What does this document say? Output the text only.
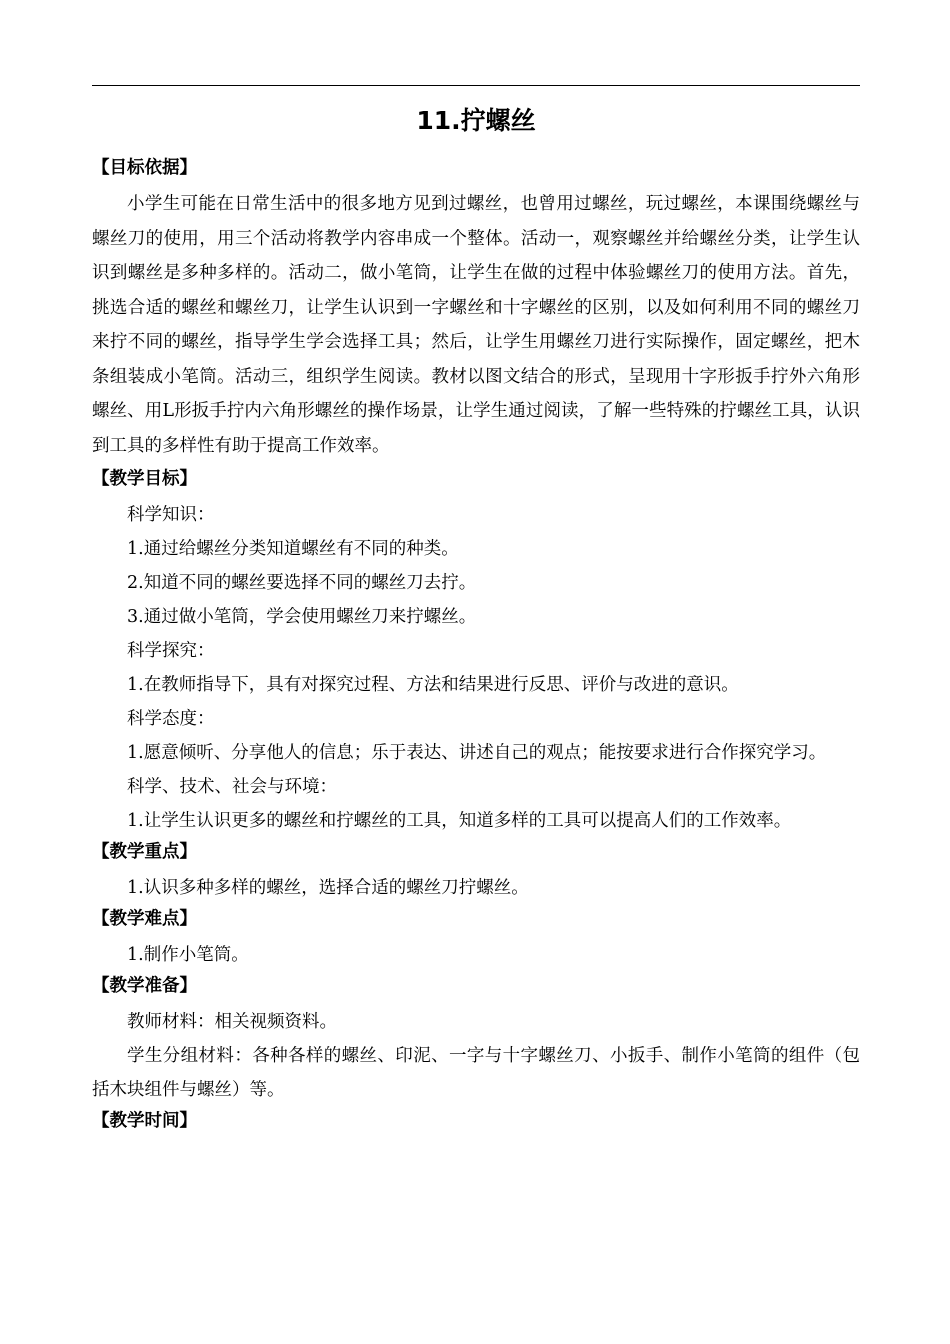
11.拧螺丝
【目标依据】

小学生可能在日常生活中的很多地方见到过螺丝，也曾用过螺丝，玩过螺丝，本课围绕螺丝与螺丝刀的使用，用三个活动将教学内容串成一个整体。活动一，观察螺丝并给螺丝分类，让学生认识到螺丝是多种多样的。活动二，做小笔筒，让学生在做的过程中体验螺丝刀的使用方法。首先，挑选合适的螺丝和螺丝刀，让学生认识到一字螺丝和十字螺丝的区别，以及如何利用不同的螺丝刀来拧不同的螺丝，指导学生学会选择工具；然后，让学生用螺丝刀进行实际操作，固定螺丝，把木条组装成小笔筒。活动三，组织学生阅读。教材以图文结合的形式，呈现用十字形扳手拧外六角形螺丝、用L形扳手拧内六角形螺丝的操作场景，让学生通过阅读，了解一些特殊的拧螺丝工具，认识到工具的多样性有助于提高工作效率。

【教学目标】
科学知识：
1.通过给螺丝分类知道螺丝有不同的种类。
2.知道不同的螺丝要选择不同的螺丝刀去拧。
3.通过做小笔筒，学会使用螺丝刀来拧螺丝。
科学探究：
1.在教师指导下，具有对探究过程、方法和结果进行反思、评价与改进的意识。
科学态度：

1.愿意倾听、分享他人的信息；乐于表达、讲述自己的观点；能按要求进行合作探究学习。

科学、技术、社会与环境：
1.让学生认识更多的螺丝和拧螺丝的工具，知道多样的工具可以提高人们的工作效率。
【教学重点】
1.认识多种多样的螺丝，选择合适的螺丝刀拧螺丝。
【教学难点】
1.制作小笔筒。
【教学准备】
教师材料：相关视频资料。

学生分组材料：各种各样的螺丝、印泥、一字与十字螺丝刀、小扳手、制作小笔筒的组件（包括木块组件与螺丝）等。

【教学时间】
